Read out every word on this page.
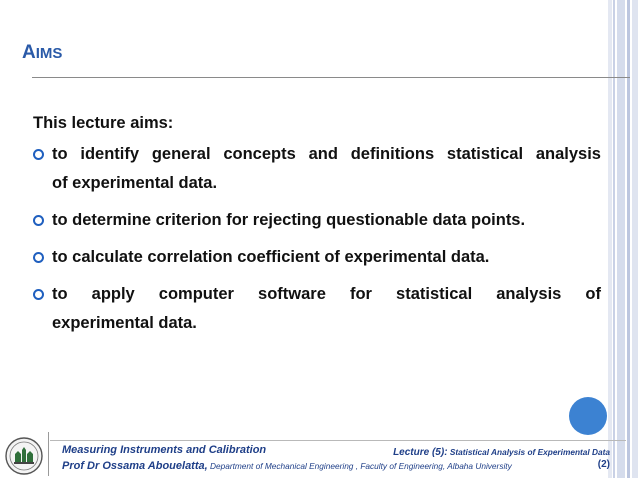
AIMS
This lecture aims:
to identify general concepts and definitions statistical analysis
of experimental data.
to determine criterion for rejecting questionable data points.
to calculate correlation coefficient of experimental data.
to apply computer software for statistical analysis of
experimental data.
Measuring Instruments and Calibration
Prof Dr Ossama Abouelatta, Department of Mechanical Engineering , Faculty of Engineering, Albaha University
Lecture (5): Statistical Analysis of Experimental Data
(2)
